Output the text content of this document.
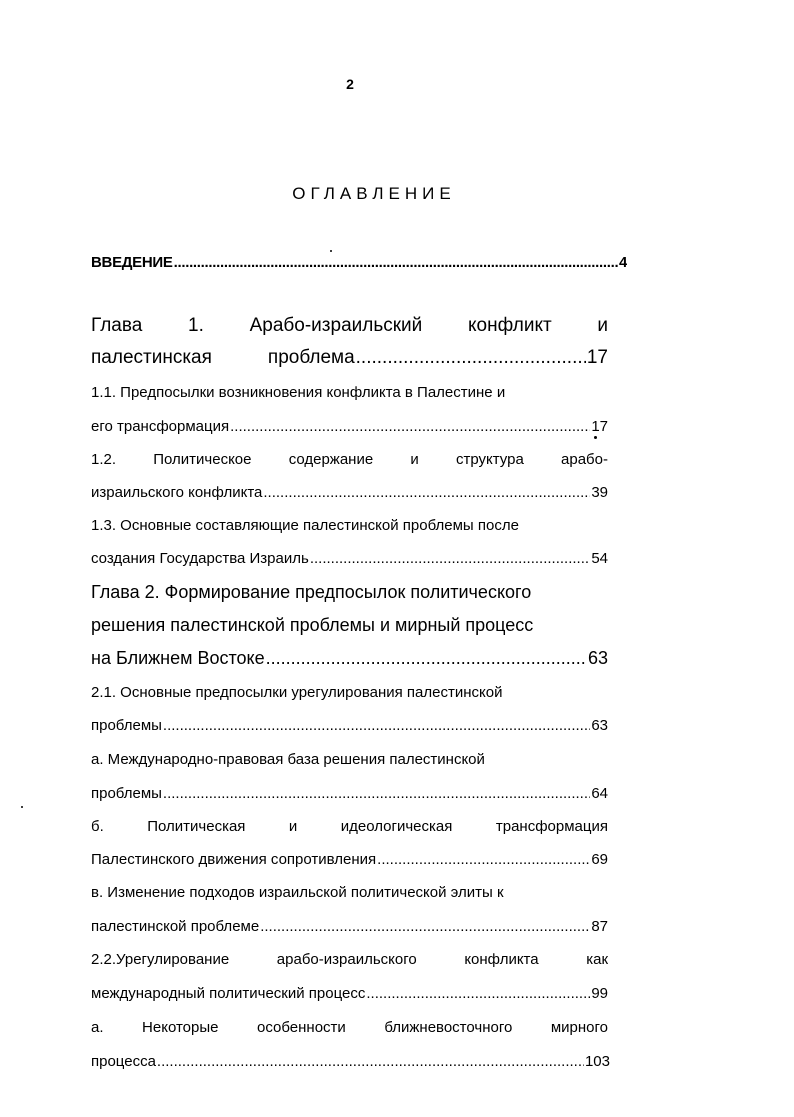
2
ОГЛАВЛЕНИЕ
ВВЕДЕНИЕ .....	4
Глава 1. Арабо-израильский конфликт и
палестинская	проблема .....	17
1.1. Предпосылки возникновения конфликта в Палестине и
его трансформация .....	17
1.2. Политическое содержание и структура арабо-
израильского конфликта .....	39
1.3. Основные составляющие палестинской проблемы после
создания Государства Израиль .....	54
Глава 2. Формирование предпосылок политического
решения палестинской проблемы и мирный процесс
на Ближнем Востоке .....	63
2.1. Основные предпосылки урегулирования палестинской
проблемы .....	63
а. Международно-правовая база решения палестинской
проблемы .....	64
б.	Политическая	и	идеологическая	трансформация
Палестинского движения сопротивления .....	69
в. Изменение подходов израильской политической элиты к
палестинской проблеме .....	87
2.2.Урегулирование	арабо-израильского	конфликта	как
международный политический процесс .....	99
а.	Некоторые	особенности	ближневосточного	мирного
процесса .....	103
